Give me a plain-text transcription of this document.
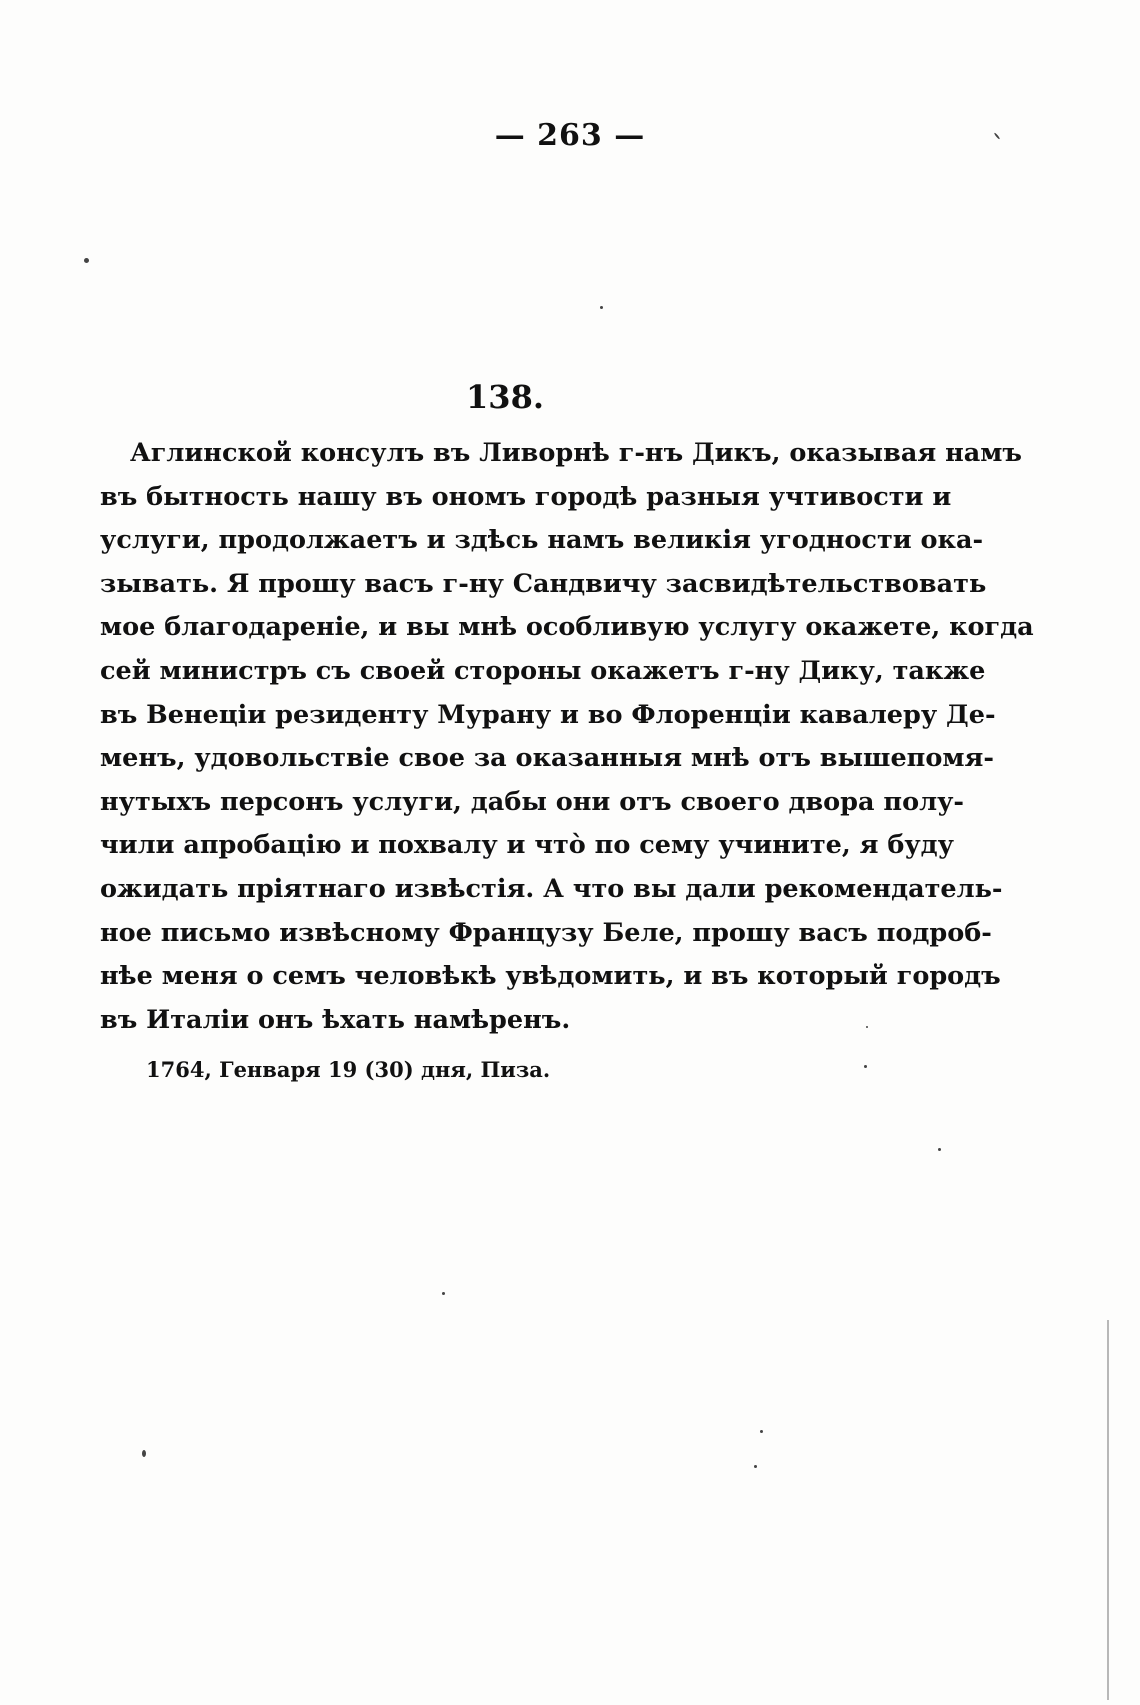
— 263 —
138.
Аглинской консулъ въ Ливорнѣ г-нъ Дикъ, оказывая намъ
въ бытность нашу въ ономъ городѣ разныя учтивости и
услуги, продолжаетъ и здѣсь намъ великія угодности ока-
зывать. Я прошу васъ г-ну Сандвичу засвидѣтельствовать
мое благодареніе, и вы мнѣ особливую услугу окажете, когда
сей министръ съ своей стороны окажетъ г-ну Дику, также
въ Венеціи резиденту Мурану и во Флоренціи кавалеру Де-
менъ, удовольствіе свое за оказанныя мнѣ отъ вышепомя-
нутыхъ персонъ услуги, дабы они отъ своего двора полу-
чили апробацію и похвалу и чтò по сему учините, я буду
ожидать пріятнаго извѣстія. А что вы дали рекомендатель-
ное письмо извѣсному Французу Беле, прошу васъ подроб-
нѣе меня о семъ человѣкѣ увѣдомить, и въ который городъ
въ Италіи онъ ѣхать намѣренъ.
1764, Генваря 19 (30) дня, Пиза.
